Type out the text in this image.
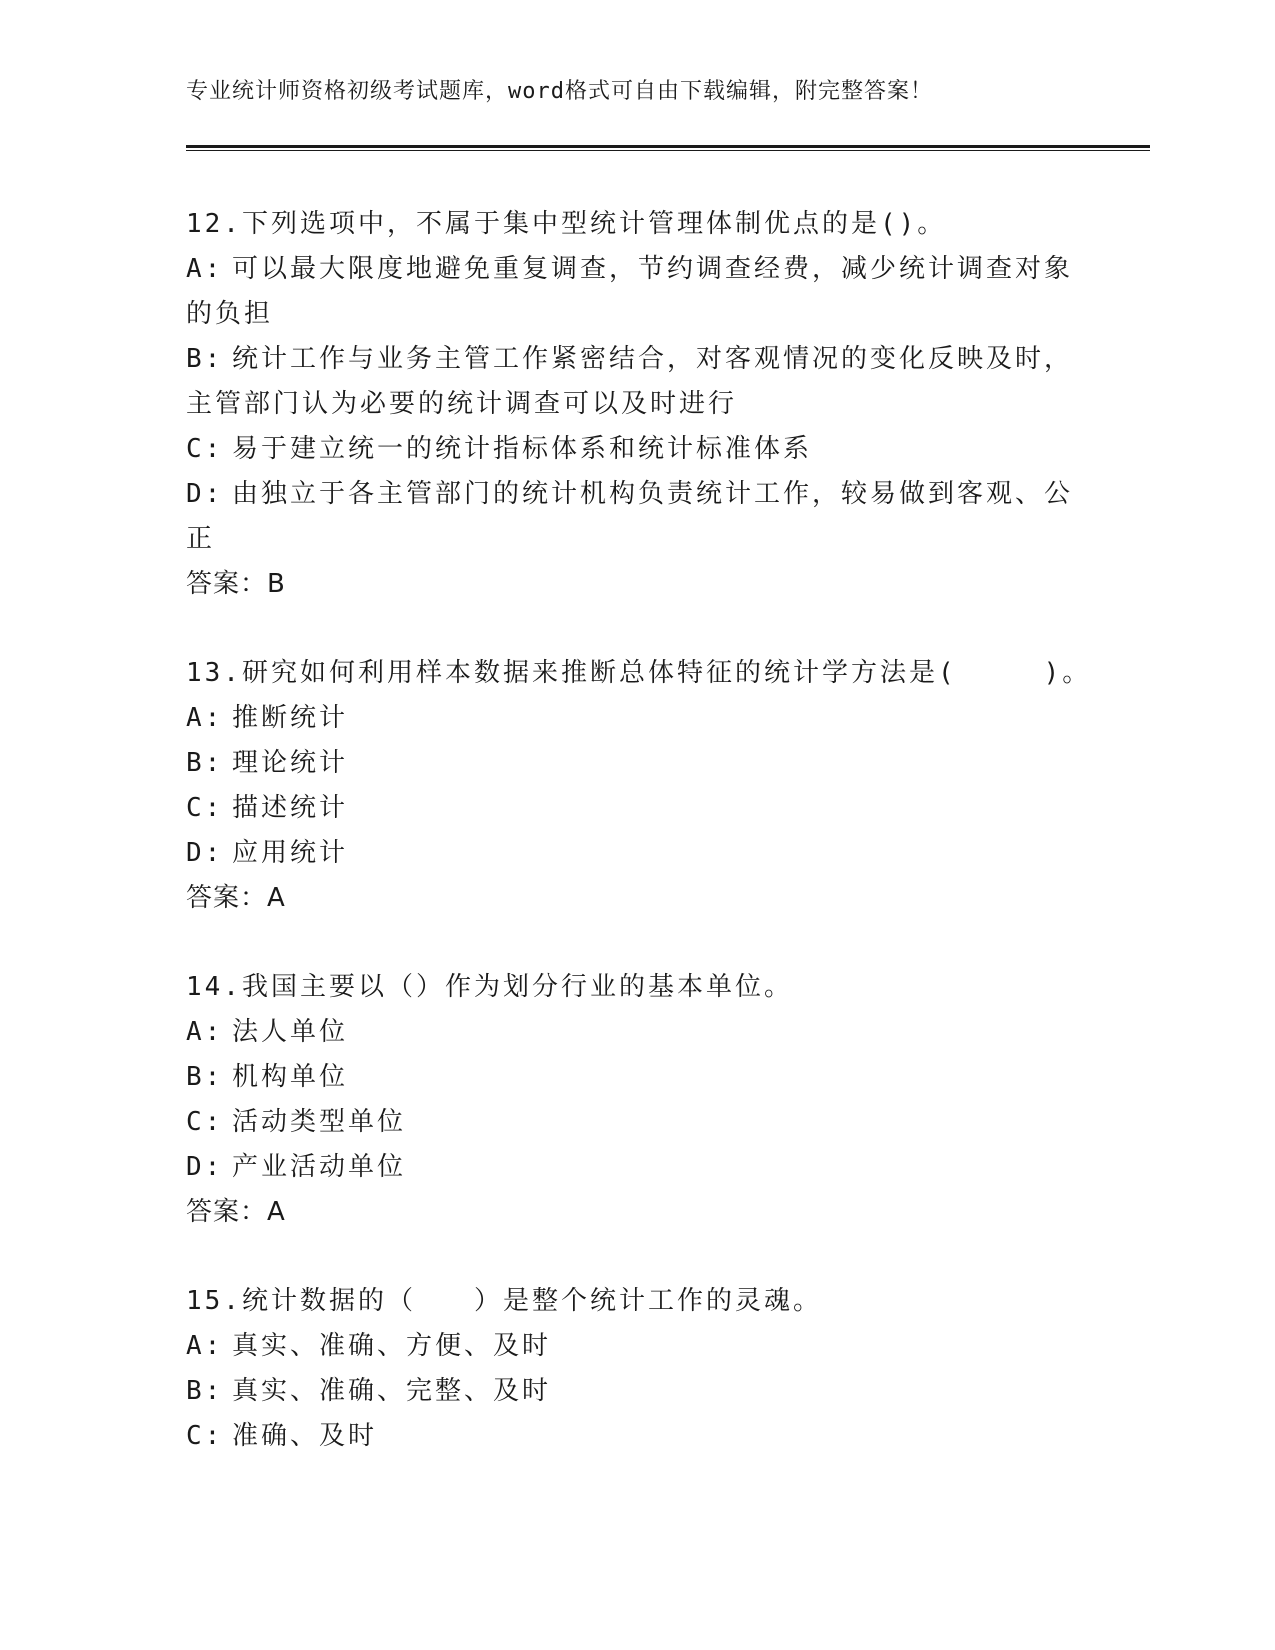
专业统计师资格初级考试题库，word格式可自由下载编辑，附完整答案！
12.下列选项中，不属于集中型统计管理体制优点的是()。
A: 可以最大限度地避免重复调查，节约调查经费，减少统计调查对象
的负担
B: 统计工作与业务主管工作紧密结合，对客观情况的变化反映及时，
主管部门认为必要的统计调查可以及时进行
C: 易于建立统一的统计指标体系和统计标准体系
D: 由独立于各主管部门的统计机构负责统计工作，较易做到客观、公
正
答案：B
13.研究如何利用样本数据来推断总体特征的统计学方法是(　　　)。
A: 推断统计
B: 理论统计
C: 描述统计
D: 应用统计
答案：A
14.我国主要以（）作为划分行业的基本单位。
A: 法人单位
B: 机构单位
C: 活动类型单位
D: 产业活动单位
答案：A
15.统计数据的（　　）是整个统计工作的灵魂。
A: 真实、准确、方便、及时
B: 真实、准确、完整、及时
C: 准确、及时
